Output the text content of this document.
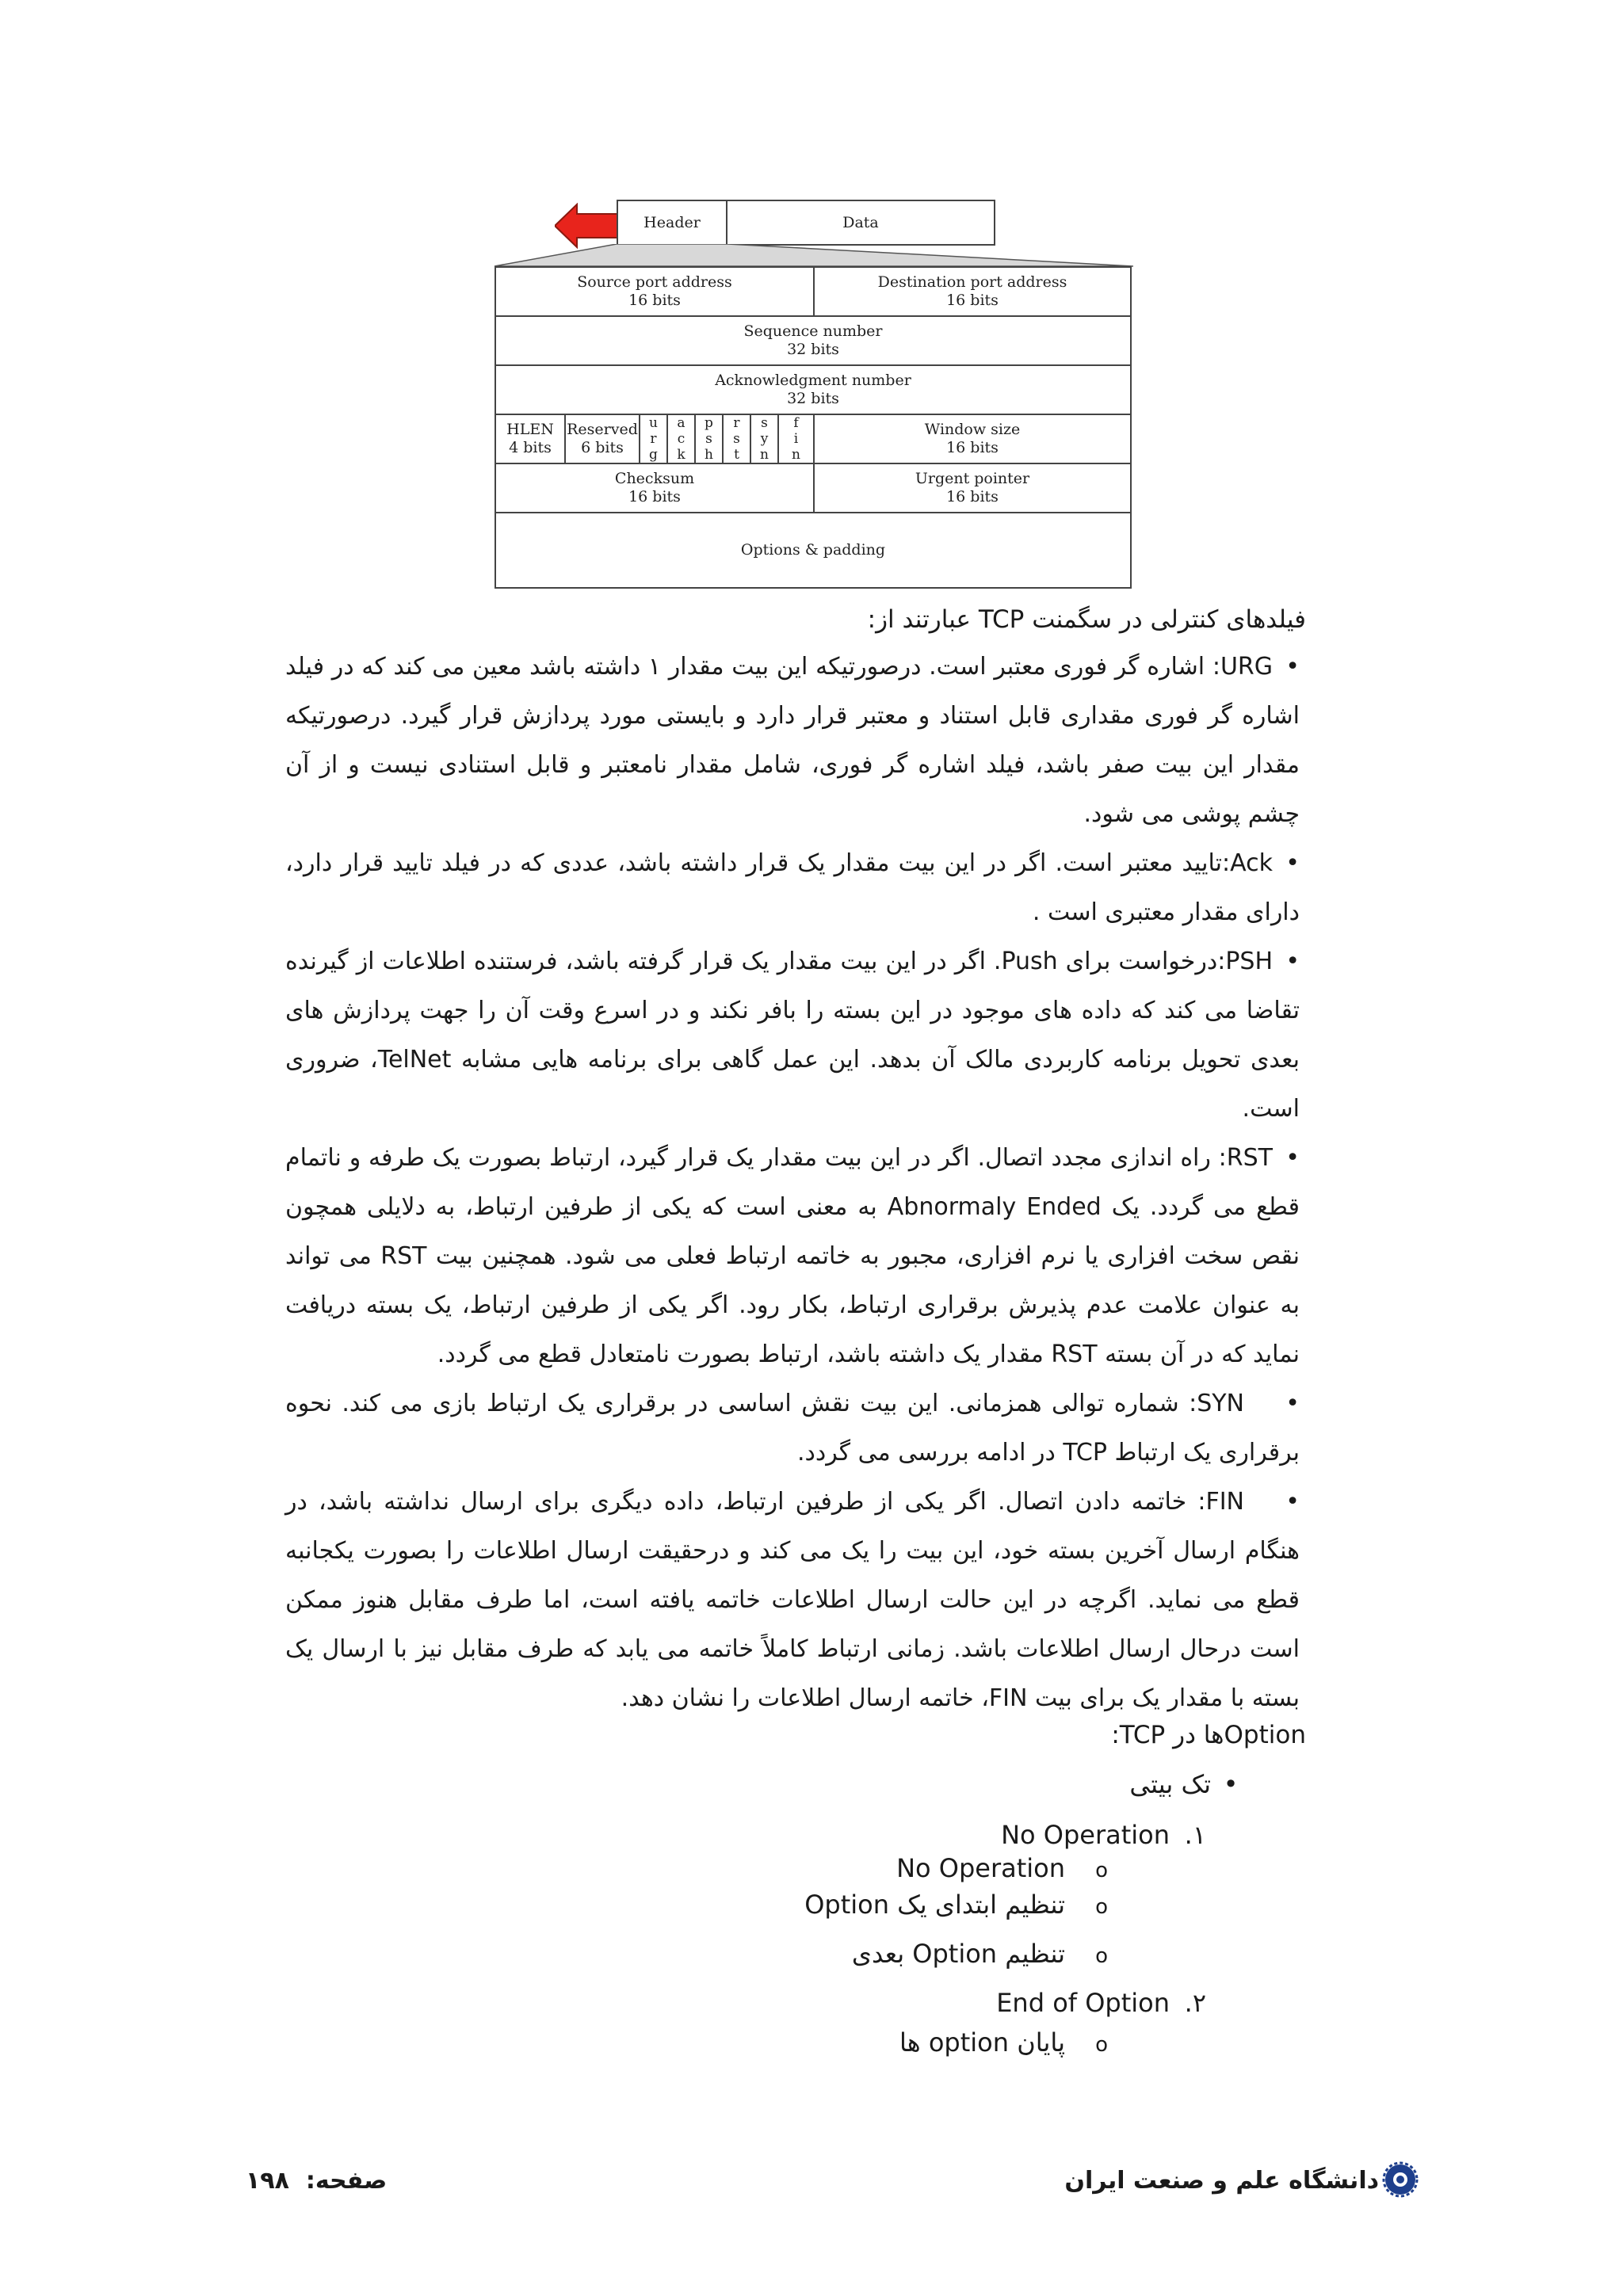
Header	Data
Source port address
16 bits
Destination port address
16 bits
Sequence number
32 bits
Acknowledgment number
32 bits
HLEN
4 bits
Reserved
6 bits
u
r
g
a
c
k
p
s
h
r
s
t
s
y
n
f
i
n
Window size
16 bits
Checksum
16 bits
Urgent pointer
16 bits
Options & padding
فیلدهای کنترلی در سگمنت TCP عبارتند از:
•URG: اشاره گر فوری معتبر است. درصورتیکه این بیت مقدار ۱ داشته باشد معین می کند که در فیلد اشاره گر فوری مقداری قابل استناد و معتبر قرار دارد و بایستی مورد پردازش قرار گیرد. درصورتیکه مقدار این بیت صفر باشد، فیلد اشاره گر فوری، شامل مقدار نامعتبر و قابل استنادی نیست و از آن چشم پوشی می شود.
•Ack:تایید معتبر است. اگر در این بیت مقدار یک قرار داشته باشد، عددی که در فیلد تایید قرار دارد، دارای مقدار معتبری است .
•PSH:درخواست برای Push. اگر در این بیت مقدار یک قرار گرفته باشد، فرستنده اطلاعات از گیرنده تقاضا می کند که داده های موجود در این بسته را بافر نکند و در اسرع وقت آن را جهت پردازش های بعدی تحویل برنامه کاربردی مالک آن بدهد. این عمل گاهی برای برنامه هایی مشابه TelNet، ضروری است.
•RST: راه اندازی مجدد اتصال. اگر در این بیت مقدار یک قرار گیرد، ارتباط بصورت یک طرفه و ناتمام قطع می گردد. یک Abnormaly Ended به معنی است که یکی از طرفین ارتباط، به دلایلی همچون نقص سخت افزاری یا نرم افزاری، مجبور به خاتمه ارتباط فعلی می شود. همچنین بیت RST می تواند به عنوان علامت عدم پذیرش برقراری ارتباط، بکار رود. اگر یکی از طرفین ارتباط، یک بسته دریافت نماید که در آن بسته RST مقدار یک داشته باشد، ارتباط بصورت نامتعادل قطع می گردد.
•SYN: شماره توالی همزمانی. این بیت نقش اساسی در برقراری یک ارتباط بازی می کند. نحوه برقراری یک ارتباط TCP در ادامه بررسی می گردد.
•FIN: خاتمه دادن اتصال. اگر یکی از طرفین ارتباط، داده دیگری برای ارسال نداشته باشد، در هنگام ارسال آخرین بسته خود، این بیت را یک می کند و درحقیقت ارسال اطلاعات را بصورت یکجانبه قطع می نماید. اگرچه در این حالت ارسال اطلاعات خاتمه یافته است، اما طرف مقابل هنوز ممکن است درحال ارسال اطلاعات باشد. زمانی ارتباط کاملاً خاتمه می یابد که طرف مقابل نیز با ارسال یک بسته با مقدار یک برای بیت FIN، خاتمه ارسال اطلاعات را نشان دهد.
Optionها در TCP:
•تک بیتی
۱.No Operation
oNo Operation
oتنظیم ابتدای یک Option
oتنظیم Option بعدی
۲.End of Option
oپایان option ها
دانشگاه علم و صنعت ایران
صفحه:  ۱۹۸
